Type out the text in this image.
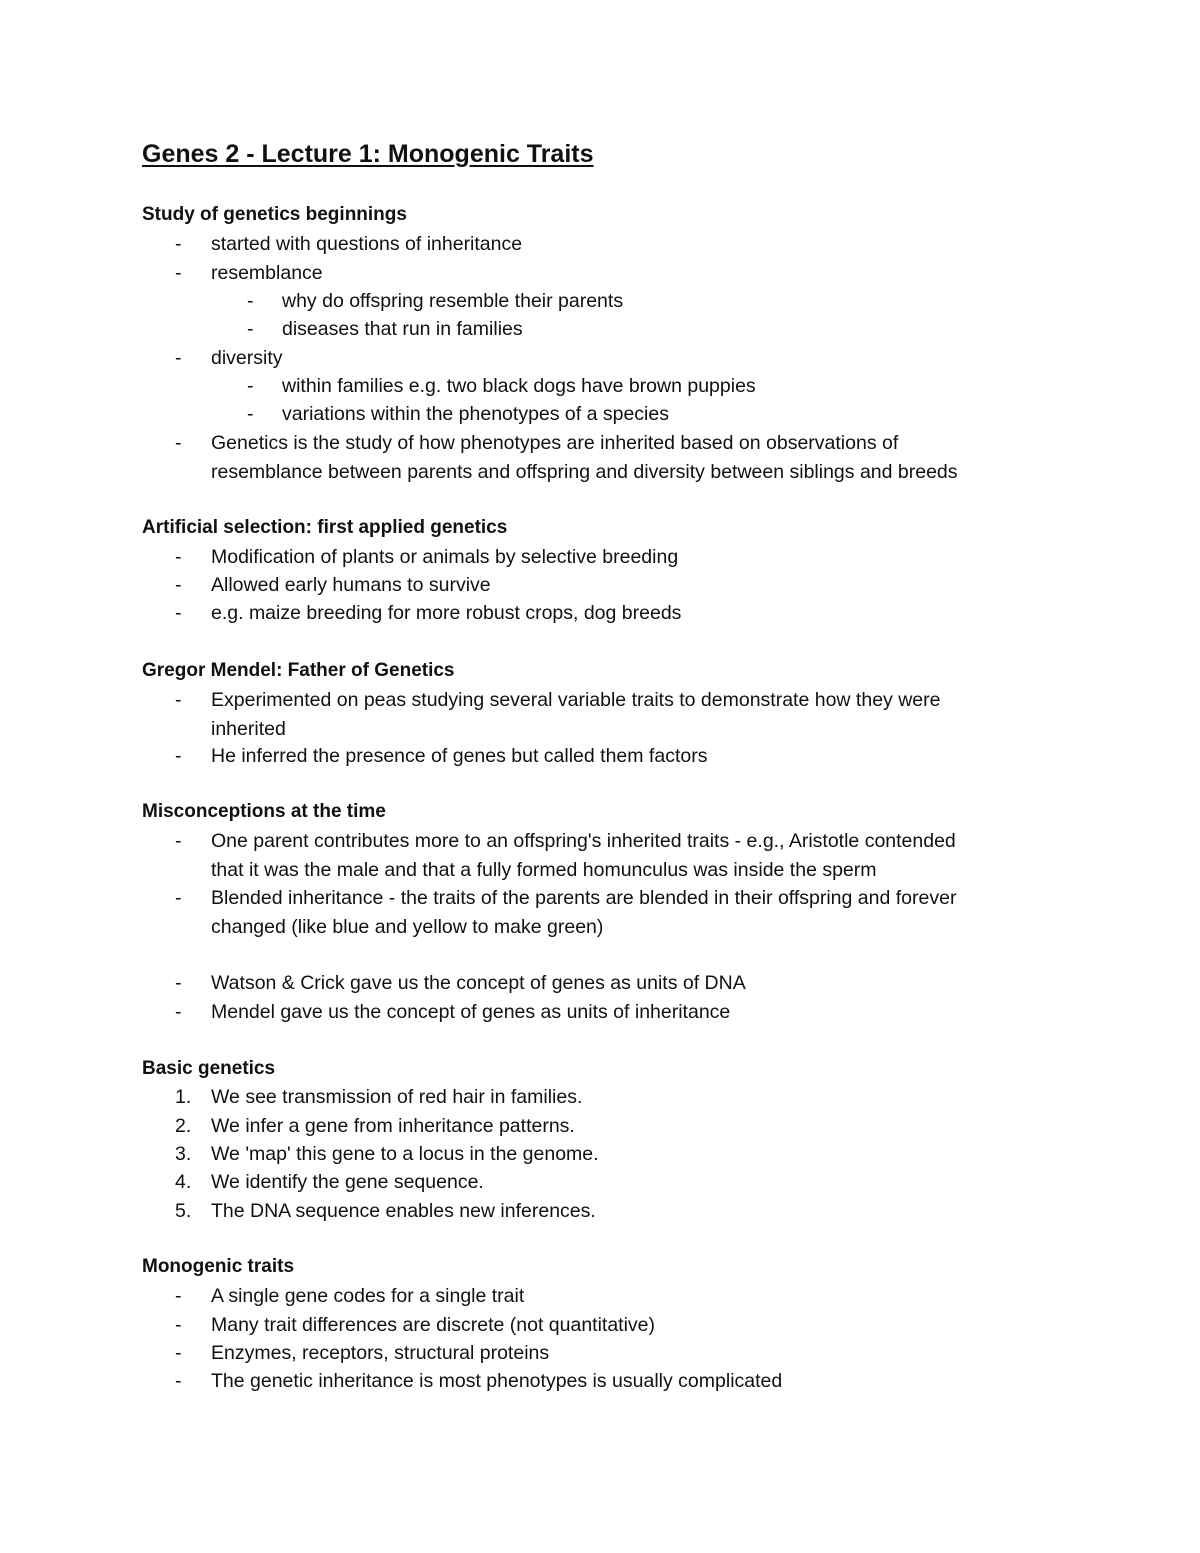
Genes 2 - Lecture 1: Monogenic Traits
Study of genetics beginnings
- started with questions of inheritance
- resemblance
- why do offspring resemble their parents
- diseases that run in families
- diversity
- within families e.g. two black dogs have brown puppies
- variations within the phenotypes of a species
- Genetics is the study of how phenotypes are inherited based on observations of
resemblance between parents and offspring and diversity between siblings and breeds
Artificial selection: first applied genetics
- Modification of plants or animals by selective breeding
- Allowed early humans to survive
- e.g. maize breeding for more robust crops, dog breeds
Gregor Mendel: Father of Genetics
- Experimented on peas studying several variable traits to demonstrate how they were
inherited
- He inferred the presence of genes but called them factors
Misconceptions at the time
- One parent contributes more to an offspring's inherited traits - e.g., Aristotle contended
that it was the male and that a fully formed homunculus was inside the sperm
- Blended inheritance - the traits of the parents are blended in their offspring and forever
changed (like blue and yellow to make green)
- Watson & Crick gave us the concept of genes as units of DNA
- Mendel gave us the concept of genes as units of inheritance
Basic genetics
1. We see transmission of red hair in families.
2. We infer a gene from inheritance patterns.
3. We 'map' this gene to a locus in the genome.
4. We identify the gene sequence.
5. The DNA sequence enables new inferences.
Monogenic traits
- A single gene codes for a single trait
- Many trait differences are discrete (not quantitative)
- Enzymes, receptors, structural proteins
- The genetic inheritance is most phenotypes is usually complicated
